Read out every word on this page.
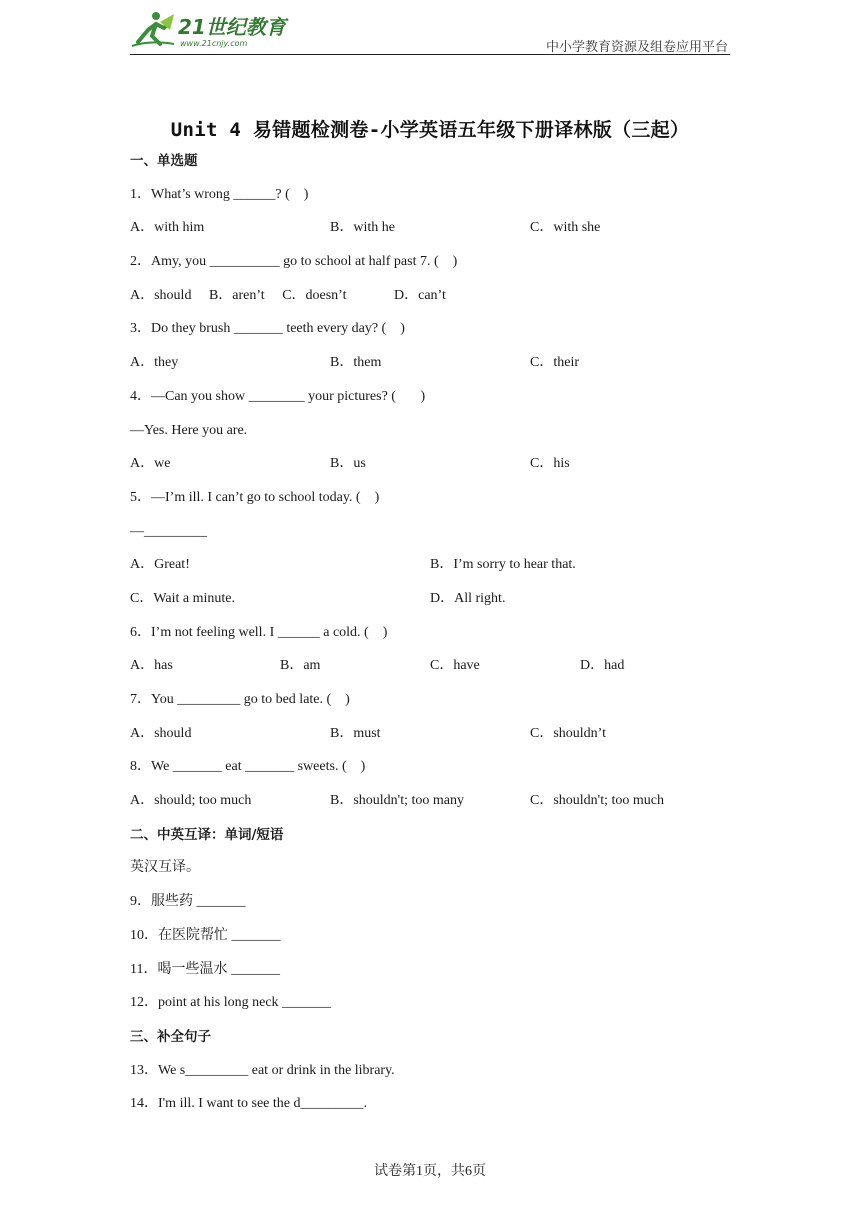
21世纪教育
www.21cnjy.com	中小学教育资源及组卷应用平台
Unit 4 易错题检测卷-小学英语五年级下册译林版（三起）
一、单选题
1．What’s wrong ______? (    )
A．with him	B．with he	C．with she
2．Amy, you __________ go to school at half past 7. (    )
A．should B．aren’t C．doesn’t	D．can’t
3．Do they brush _______ teeth every day? (    )
A．they	B．them	C．their
4．—Can you show ________ your pictures? (       )
—Yes. Here you are.
A．we	B．us	C．his
5．—I’m ill. I can’t go to school today. (    )
—_________
A．Great!	B．I’m sorry to hear that.
C．Wait a minute.	D．All right.
6．I’m not feeling well. I ______ a cold. (    )
A．has	B．am	C．have	D．had
7．You _________ go to bed late. (    )
A．should	B．must	C．shouldn’t
8．We _______ eat _______ sweets. (    )
A．should; too much	B．shouldn't; too many	C．shouldn't; too much
二、中英互译：单词/短语
英汉互译。
9．服些药 _______
10．在医院帮忙 _______
11．喝一些温水 _______
12．point at his long neck _______
三、补全句子
13．We s_________ eat or drink in the library.
14．I'm ill. I want to see the d_________.
试卷第1页，共6页
